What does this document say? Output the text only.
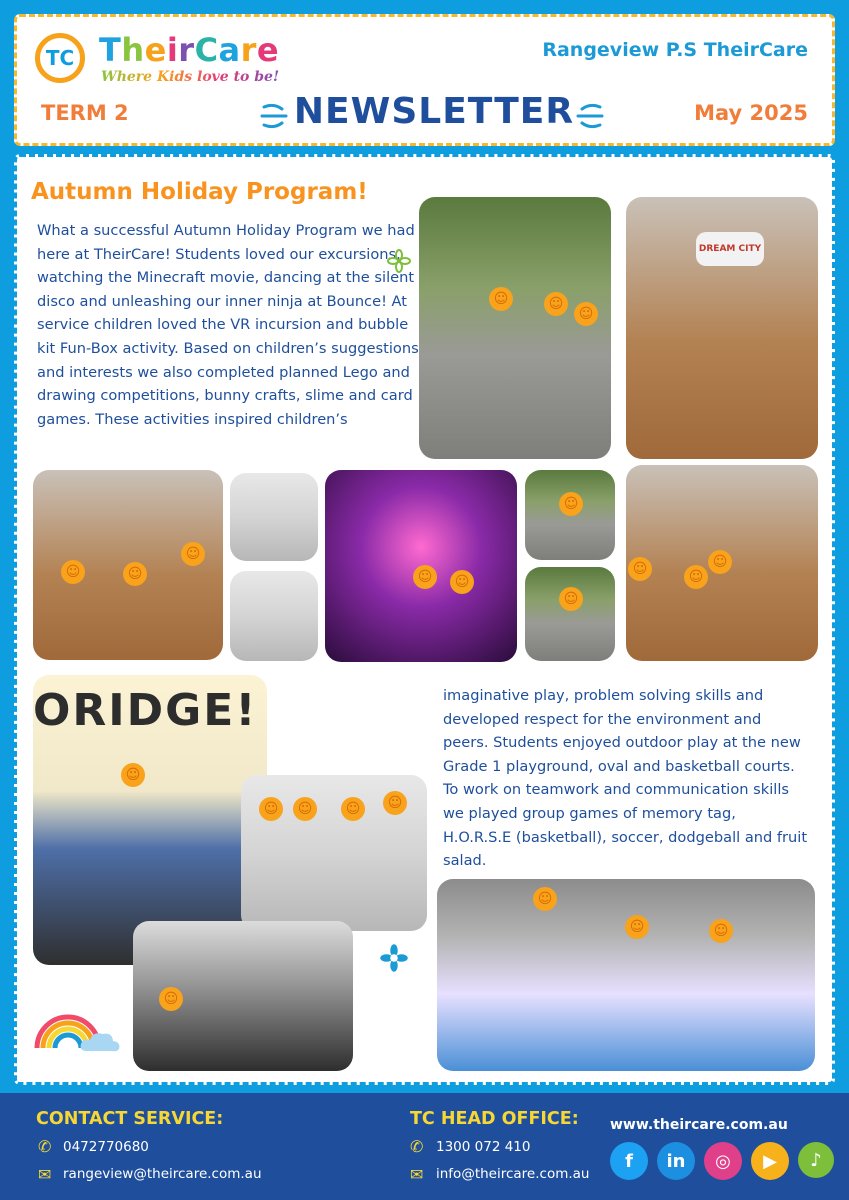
TC TheirCare
Where Kids love to be!
Rangeview P.S TheirCare
TERM 2	NEWSLETTER	May 2025
Autumn Holiday Program!
What a successful Autumn Holiday Program we had here at TheirCare! Students loved our excursions, watching the Minecraft movie, dancing at the silent disco and unleashing our inner ninja at Bounce! At service children loved the VR incursion and bubble kit Fun-Box activity. Based on children’s suggestions and interests we also completed planned Lego and drawing competitions, bunny crafts, slime and card games. These activities inspired children’s
☺	☺
☺
DREAM CITY
☺	☺
☺
☺	☺
☺
☺
☺	☺
☺
ORIDGE!
☺
☺	☺	☺	☺
☺
imaginative play, problem solving skills and developed respect for the environment and peers. Students enjoyed outdoor play at the new Grade 1 playground, oval and basketball courts. To work on teamwork and communication skills we played group games of memory tag, H.O.R.S.E (basketball), soccer, dodgeball and fruit salad.
☺
☺	☺
CONTACT SERVICE:
✆ 0472770680
✉ rangeview@theircare.com.au
TC HEAD OFFICE:
✆ 1300 072 410
✉ info@theircare.com.au
www.theircare.com.au
f in ◎ ▶ ♪
